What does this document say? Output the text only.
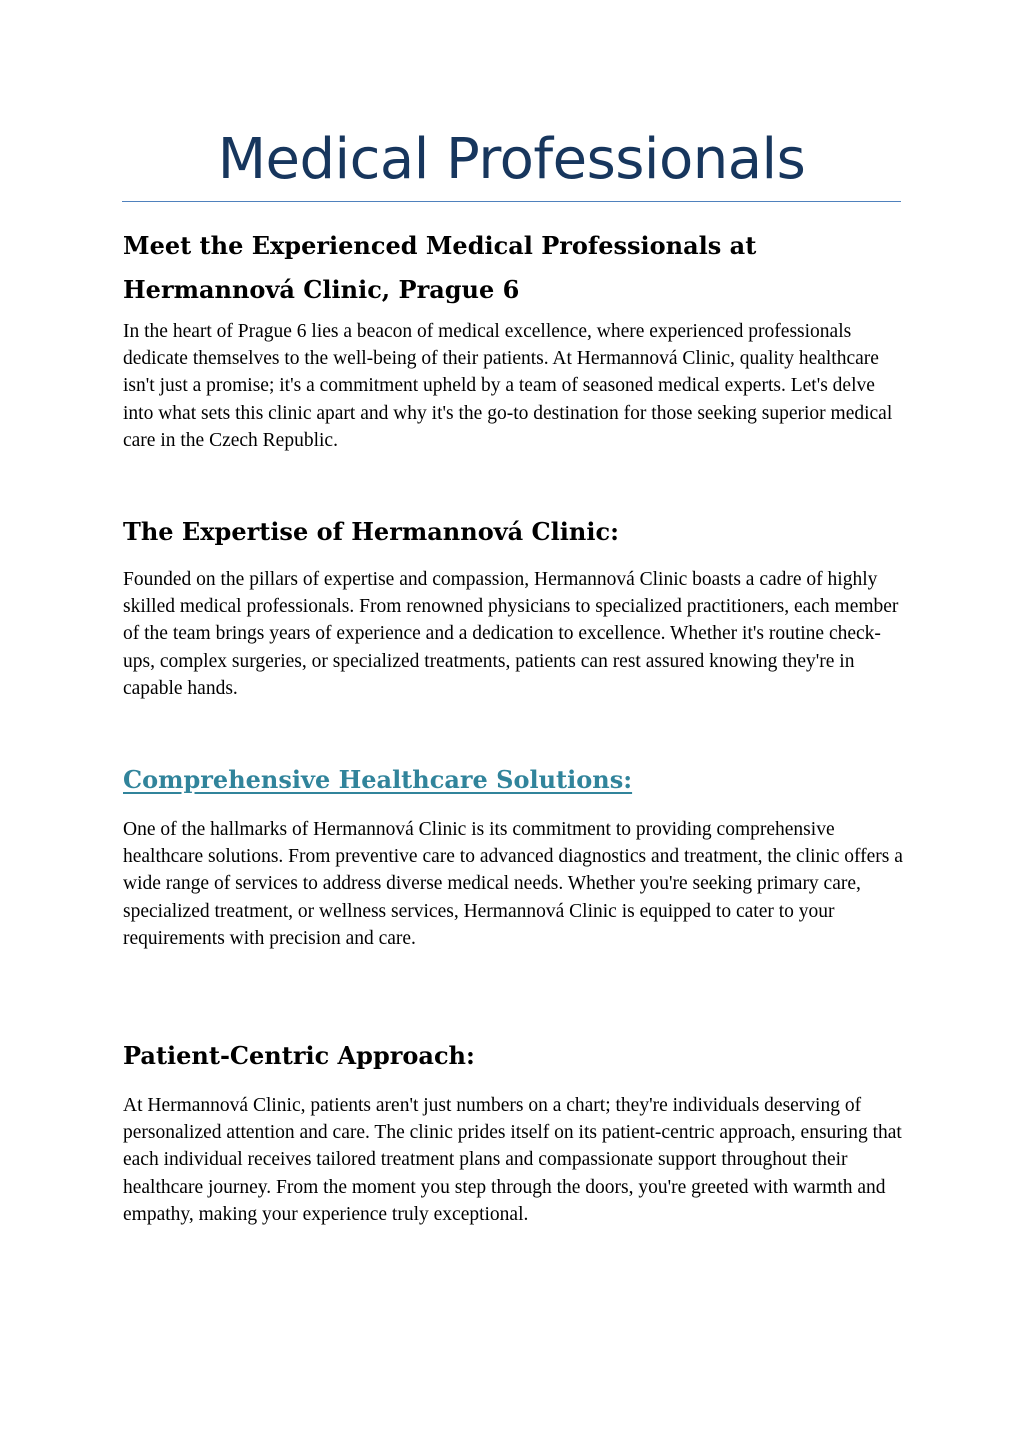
Medical Professionals
Meet the Experienced Medical Professionals at Hermannová Clinic, Prague 6

In the heart of Prague 6 lies a beacon of medical excellence, where experienced professionals dedicate themselves to the well-being of their patients. At Hermannová Clinic, quality healthcare isn't just a promise; it's a commitment upheld by a team of seasoned medical experts. Let's delve into what sets this clinic apart and why it's the go-to destination for those seeking superior medical care in the Czech Republic.

The Expertise of Hermannová Clinic:

Founded on the pillars of expertise and compassion, Hermannová Clinic boasts a cadre of highly skilled medical professionals. From renowned physicians to specialized practitioners, each member of the team brings years of experience and a dedication to excellence. Whether it's routine check-ups, complex surgeries, or specialized treatments, patients can rest assured knowing they're in capable hands.

Comprehensive Healthcare Solutions:

One of the hallmarks of Hermannová Clinic is its commitment to providing comprehensive healthcare solutions. From preventive care to advanced diagnostics and treatment, the clinic offers a wide range of services to address diverse medical needs. Whether you're seeking primary care, specialized treatment, or wellness services, Hermannová Clinic is equipped to cater to your requirements with precision and care.

Patient-Centric Approach:

At Hermannová Clinic, patients aren't just numbers on a chart; they're individuals deserving of personalized attention and care. The clinic prides itself on its patient-centric approach, ensuring that each individual receives tailored treatment plans and compassionate support throughout their healthcare journey. From the moment you step through the doors, you're greeted with warmth and empathy, making your experience truly exceptional.
